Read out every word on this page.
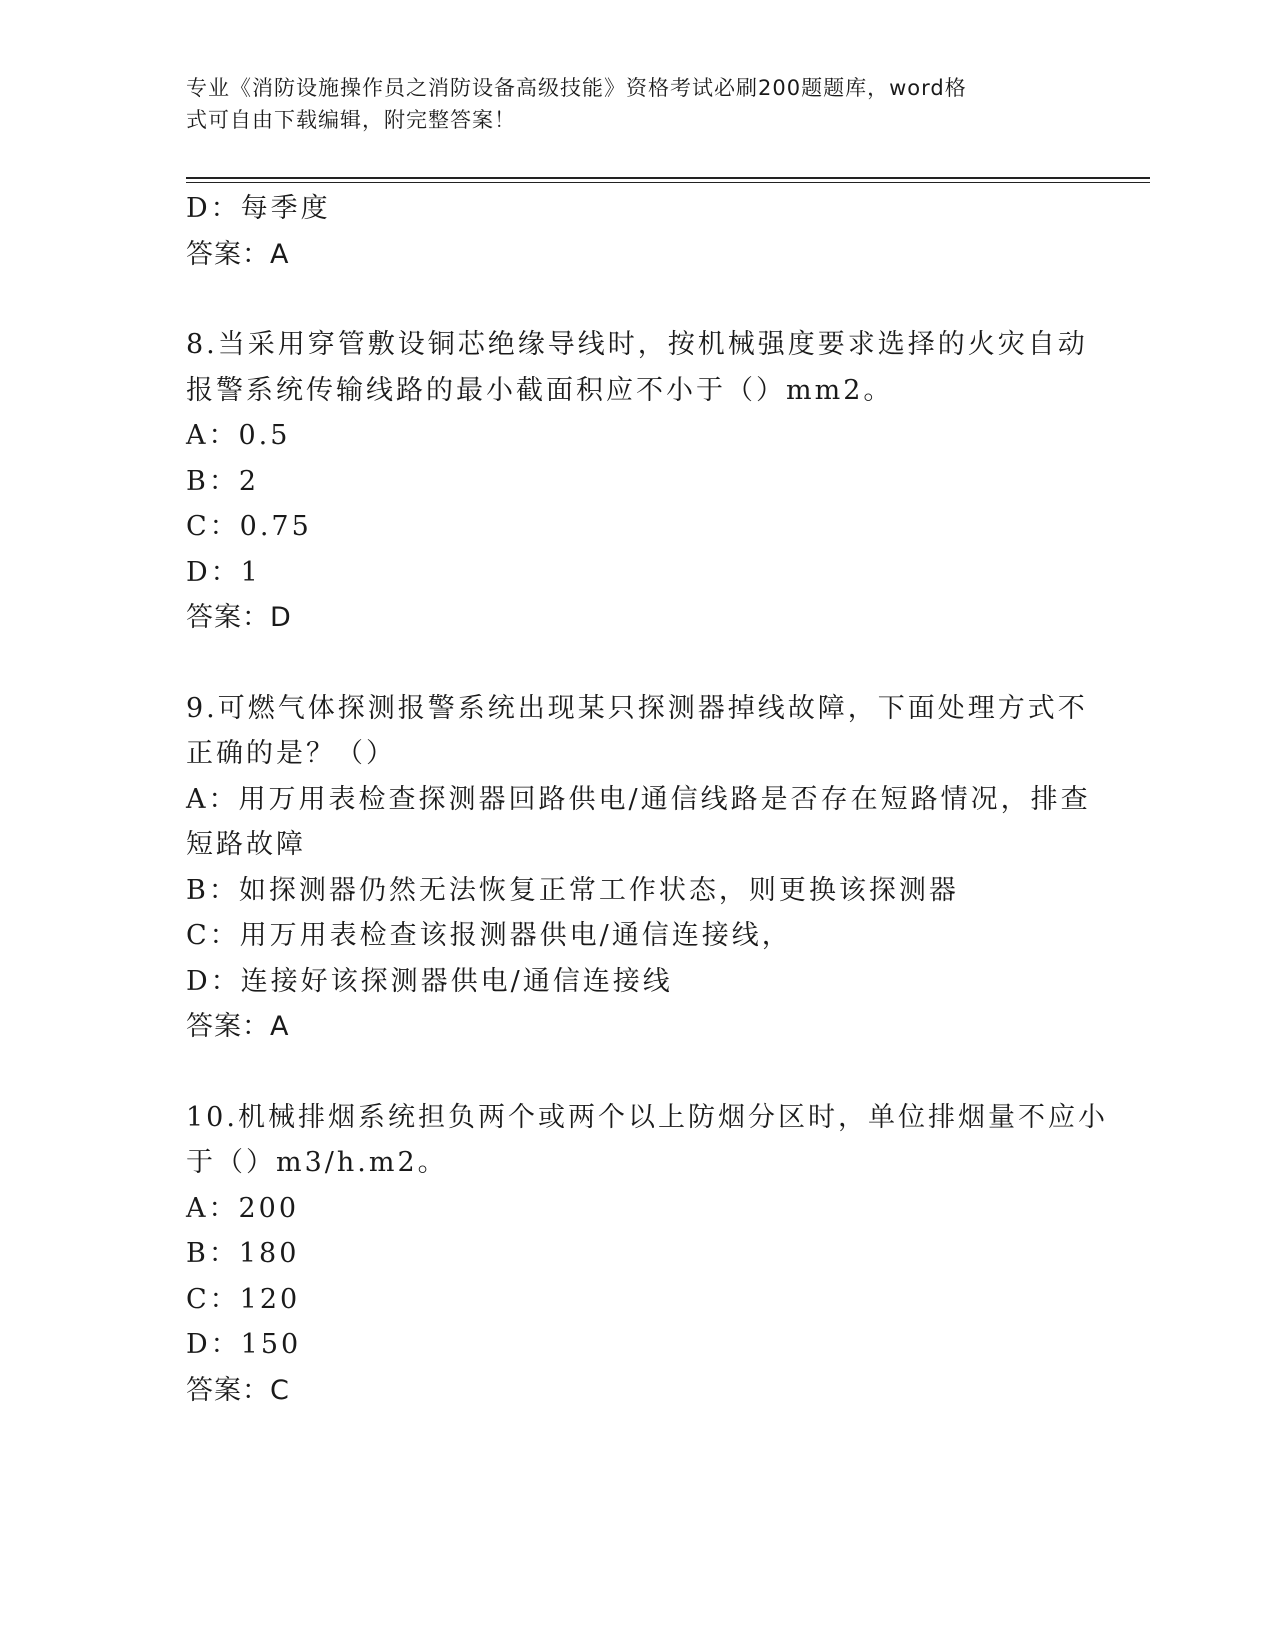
专业《消防设施操作员之消防设备高级技能》资格考试必刷200题题库，word格
式可自由下载编辑，附完整答案！
D：每季度
答案：A
8.当采用穿管敷设铜芯绝缘导线时，按机械强度要求选择的火灾自动
报警系统传输线路的最小截面积应不小于（）mm2。
A：0.5
B：2
C：0.75
D：1
答案：D
9.可燃气体探测报警系统出现某只探测器掉线故障，下面处理方式不
正确的是？（）
A：用万用表检查探测器回路供电/通信线路是否存在短路情况，排查
短路故障
B：如探测器仍然无法恢复正常工作状态，则更换该探测器
C：用万用表检查该报测器供电/通信连接线，
D：连接好该探测器供电/通信连接线
答案：A
10.机械排烟系统担负两个或两个以上防烟分区时，单位排烟量不应小
于（）m3/h.m2。
A：200
B：180
C：120
D：150
答案：C
